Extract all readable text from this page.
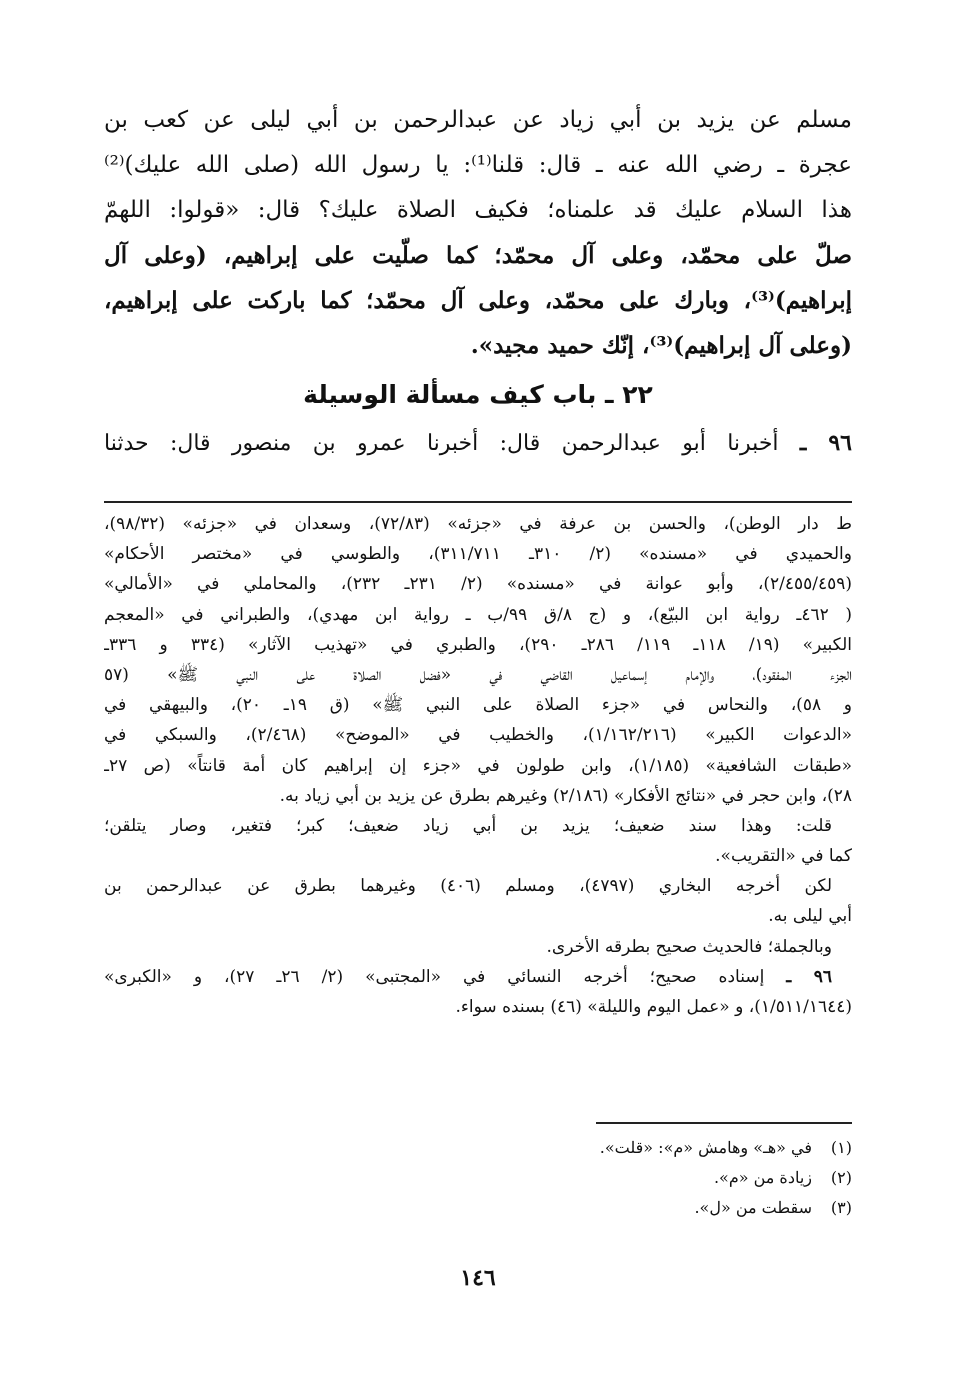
مسلم عن يزيد بن أبي زياد عن عبدالرحمن بن أبي ليلى عن كعب بن
عجرة ـ رضي الله عنه ـ قال: قلنا⁽¹⁾: يا رسول الله (صلى الله عليك)⁽²⁾
هذا السلام عليك قد علمناه؛ فكيف الصلاة عليك؟ قال: «قولوا: اللهمّ
صلّ على محمّد، وعلى آل محمّد؛ كما صلّيت على إبراهيم، (وعلى آل
إبراهيم)⁽³⁾، وبارك على محمّد، وعلى آل محمّد؛ كما باركت على إبراهيم،
(وعلى آل إبراهيم)⁽³⁾، إنّك حميد مجيد».
٢٢ ـ باب كيف مسألة الوسيلة
٩٦ ـ أخبرنا أبو عبدالرحمن قال: أخبرنا عمرو بن منصور قال: حدثنا
ط دار الوطن)، والحسن بن عرفة في «جزئه» (٧٢/٨٣)، وسعدان في «جزئه» (٩٨/٣٢)،
والحميدي في «مسنده» (٢/ ٣١٠ـ ٣١١/٧١١)، والطوسي في «مختصر الأحكام»
(٢/٤٥٥/٤٥٩)، وأبو عوانة في «مسنده» (٢/ ٢٣١ـ ٢٣٢)، والمحاملي في «الأمالي»
( ٤٦٢ـ رواية ابن البيّع)، و (ج ٨/ق ٩٩/ب ـ رواية ابن مهدي)، والطبراني في «المعجم
الكبير» (١٩/ ١١٨ـ ١١٩/ ٢٨٦ـ ٢٩٠)، والطبري في «تهذيب الآثار» (٣٣٤ و ٣٣٦ـ
الجزء المفقود)، والإمام إسماعيل القاضي في «فضل الصلاة على النبي ﷺ» (٥٧
و ٥٨)، والنحاس في «جزء الصلاة على النبي ﷺ» (ق ١٩ـ ٢٠)، والبيهقي في
«الدعوات الكبير» (١/١٦٢/٢١٦)، والخطيب في «الموضح» (٢/٤٦٨)، والسبكي في
«طبقات الشافعية» (١/١٨٥)، وابن طولون في «جزء إن إبراهيم كان أمة قانتاً» (ص ٢٧ـ
٢٨)، وابن حجر في «نتائج الأفكار» (٢/١٨٦) وغيرهم بطرق عن يزيد بن أبي زياد به.
قلت: وهذا سند ضعيف؛ يزيد بن أبي زياد ضعيف؛ كبر؛ فتغير، وصار يتلقن؛
كما في «التقريب».
لكن أخرجه البخاري (٤٧٩٧)، ومسلم (٤٠٦) وغيرهما بطرق عن عبدالرحمن بن
أبي ليلى به.
وبالجملة؛ فالحديث صحيح بطرقه الأخرى.
٩٦ ـ إسناده صحيح؛ أخرجه النسائي في «المجتبى» (٢/ ٢٦ـ ٢٧)، و «الكبرى»
(١/٥١١/١٦٤٤)، و «عمل اليوم والليلة» (٤٦) بسنده سواء.
(١)
في «هـ» وهامش «م»: «قلت».
(٢)
زيادة من «م».
(٣)
سقطت من «ل».
١٤٦
